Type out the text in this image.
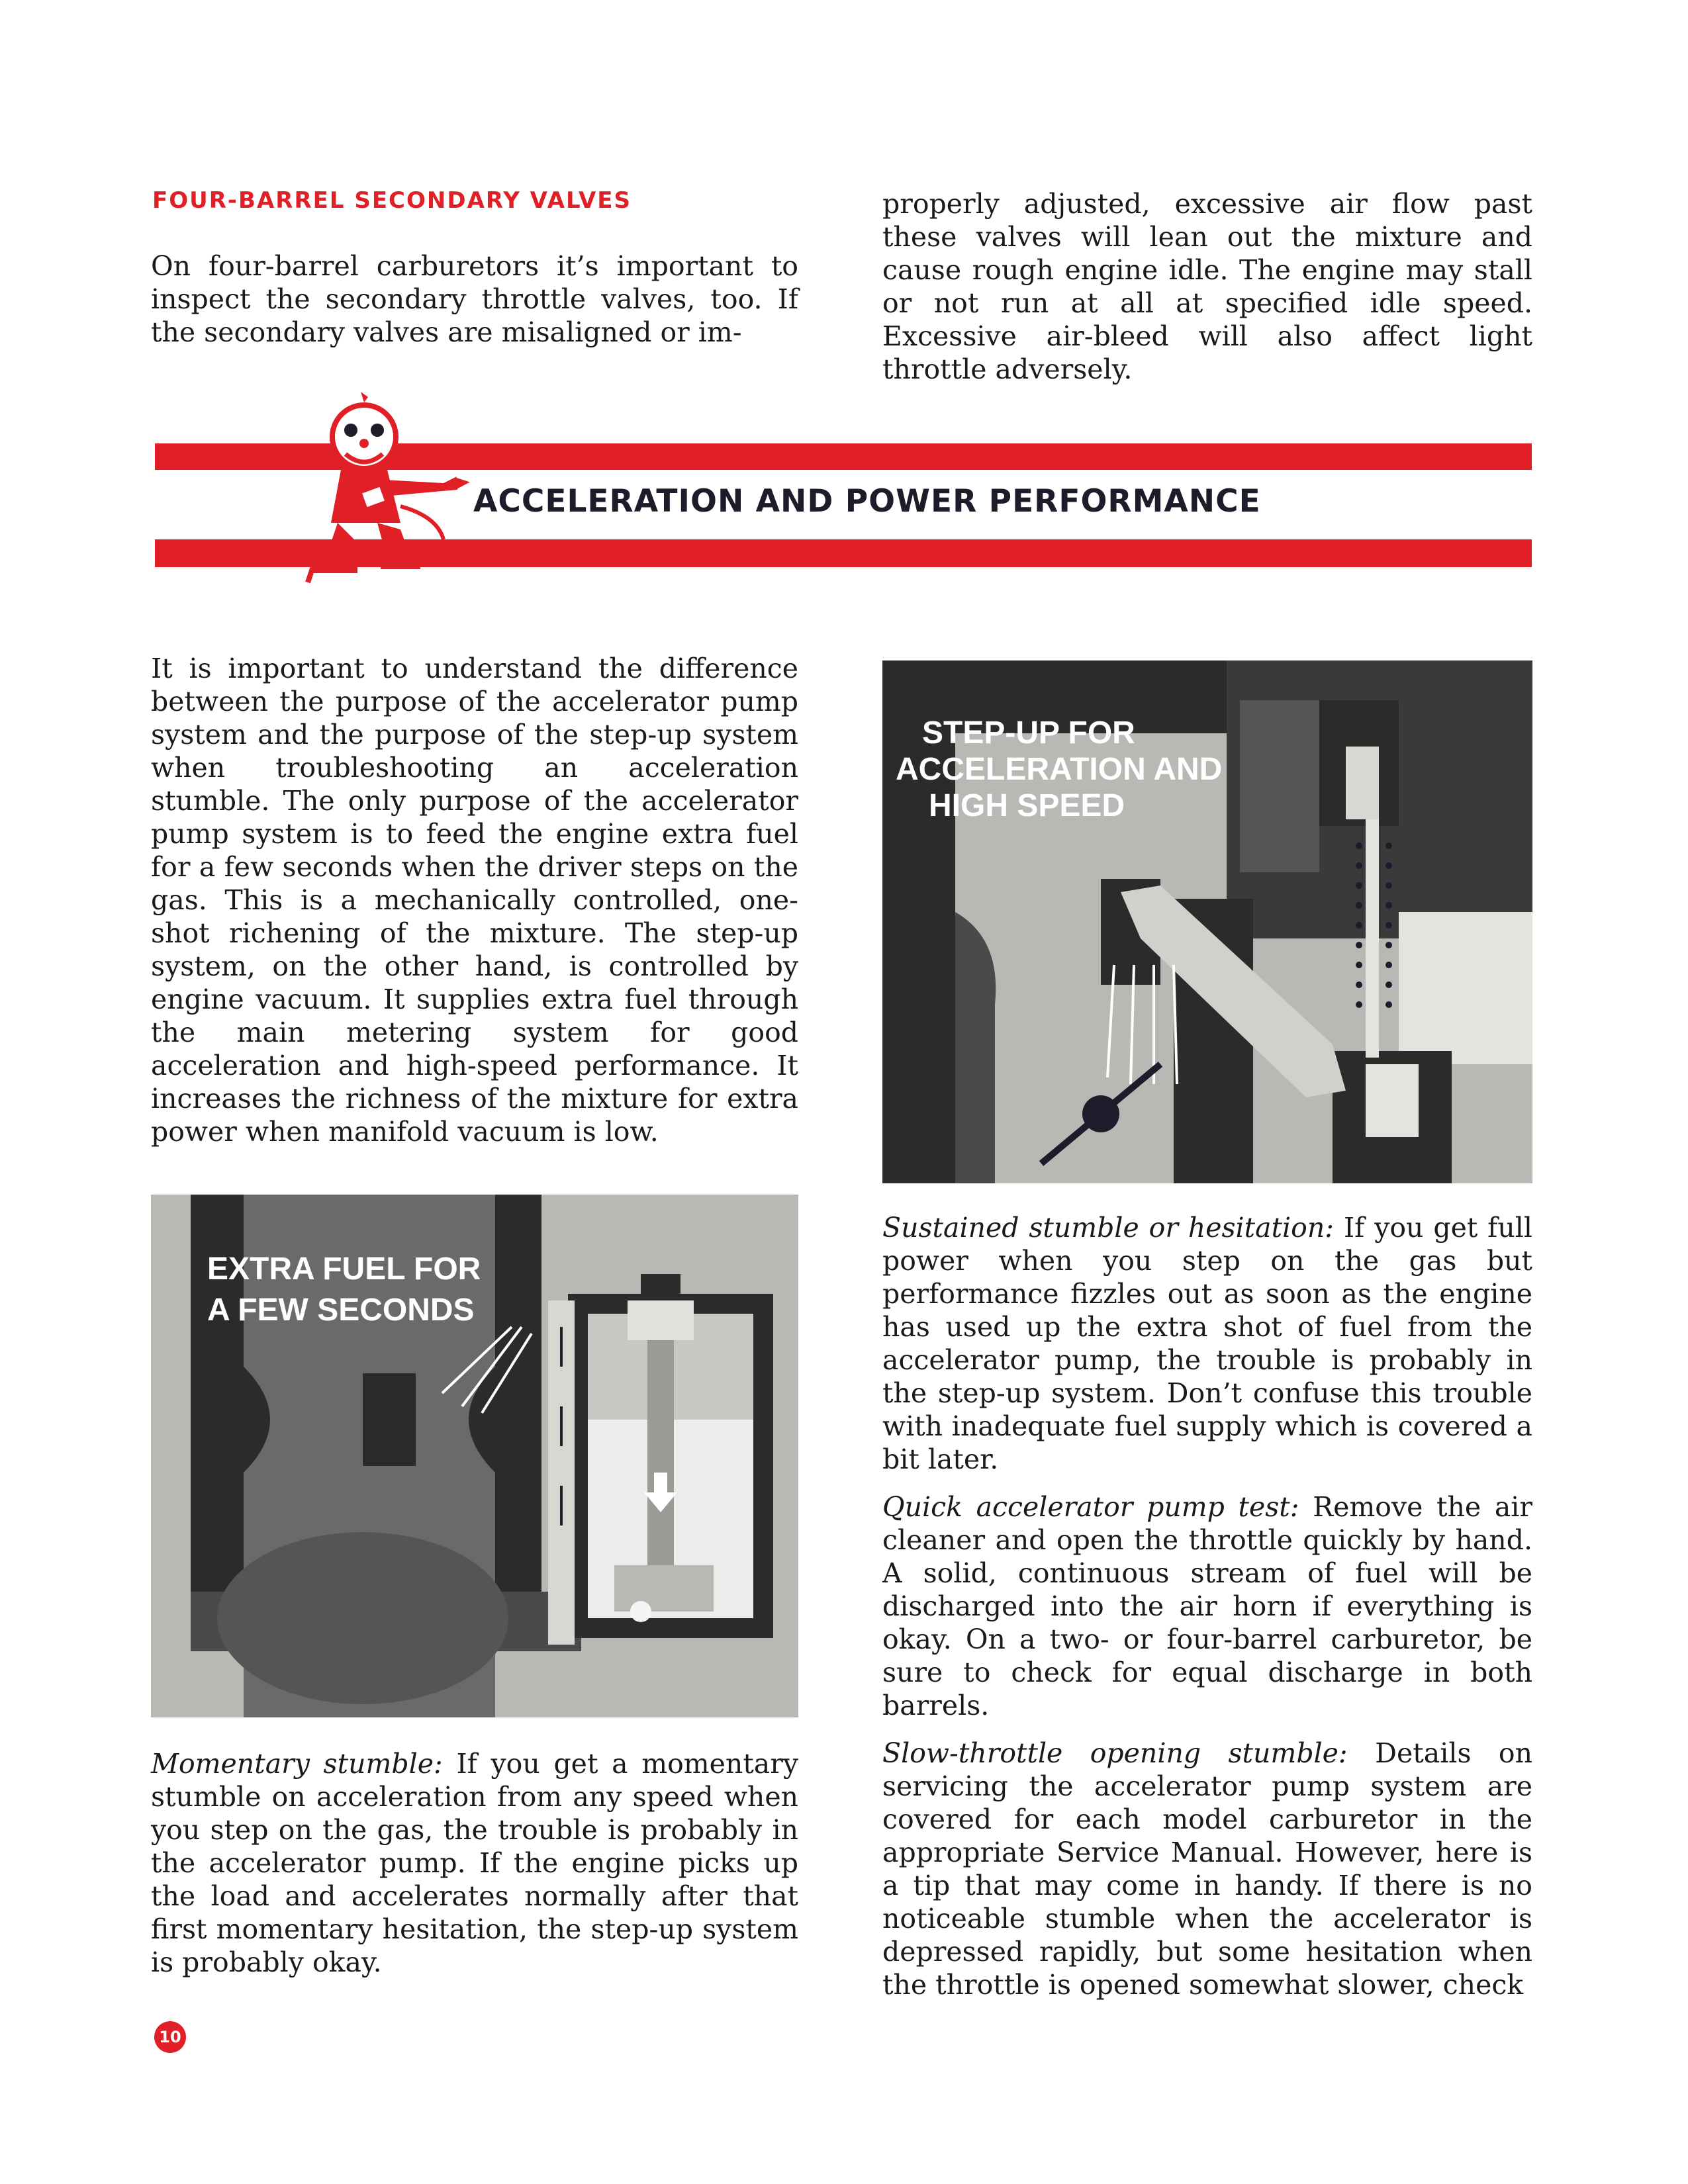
FOUR-BARREL SECONDARY VALVES

On four-barrel carburetors it’s important to inspect the secondary throttle valves, too. If the secondary valves are misaligned or im-

properly adjusted, excessive air flow past these valves will lean out the mixture and cause rough engine idle. The engine may stall or not run at all at specified idle speed. Excessive air-bleed will also affect light throttle adversely.

ACCELERATION AND POWER PERFORMANCE

It is important to understand the difference between the purpose of the accelerator pump system and the purpose of the step-up system when troubleshooting an acceleration stumble. The only purpose of the accelerator pump system is to feed the engine extra fuel for a few seconds when the driver steps on the gas. This is a mechanically controlled, one-shot richening of the mixture. The step-up system, on the other hand, is controlled by engine vacuum. It supplies extra fuel through the main metering system for good acceleration and high-speed performance. It increases the richness of the mixture for extra power when manifold vacuum is low.

STEP-UP FOR
ACCELERATION AND
HIGH SPEED
EXTRA FUEL FOR
A FEW SECONDS

Momentary stumble: If you get a momentary stumble on acceleration from any speed when you step on the gas, the trouble is probably in the accelerator pump. If the engine picks up the load and accelerates normally after that first momentary hesitation, the step-up system is probably okay.

Sustained stumble or hesitation: If you get full power when you step on the gas but performance fizzles out as soon as the engine has used up the extra shot of fuel from the accelerator pump, the trouble is probably in the step-up system. Don’t confuse this trouble with inadequate fuel supply which is covered a bit later.

Quick accelerator pump test: Remove the air cleaner and open the throttle quickly by hand. A solid, continuous stream of fuel will be discharged into the air horn if everything is okay. On a two- or four-barrel carburetor, be sure to check for equal discharge in both barrels.

Slow-throttle opening stumble: Details on servicing the accelerator pump system are covered for each model carburetor in the appropriate Service Manual. However, here is a tip that may come in handy. If there is no noticeable stumble when the accelerator is depressed rapidly, but some hesitation when the throttle is opened somewhat slower, check

10
